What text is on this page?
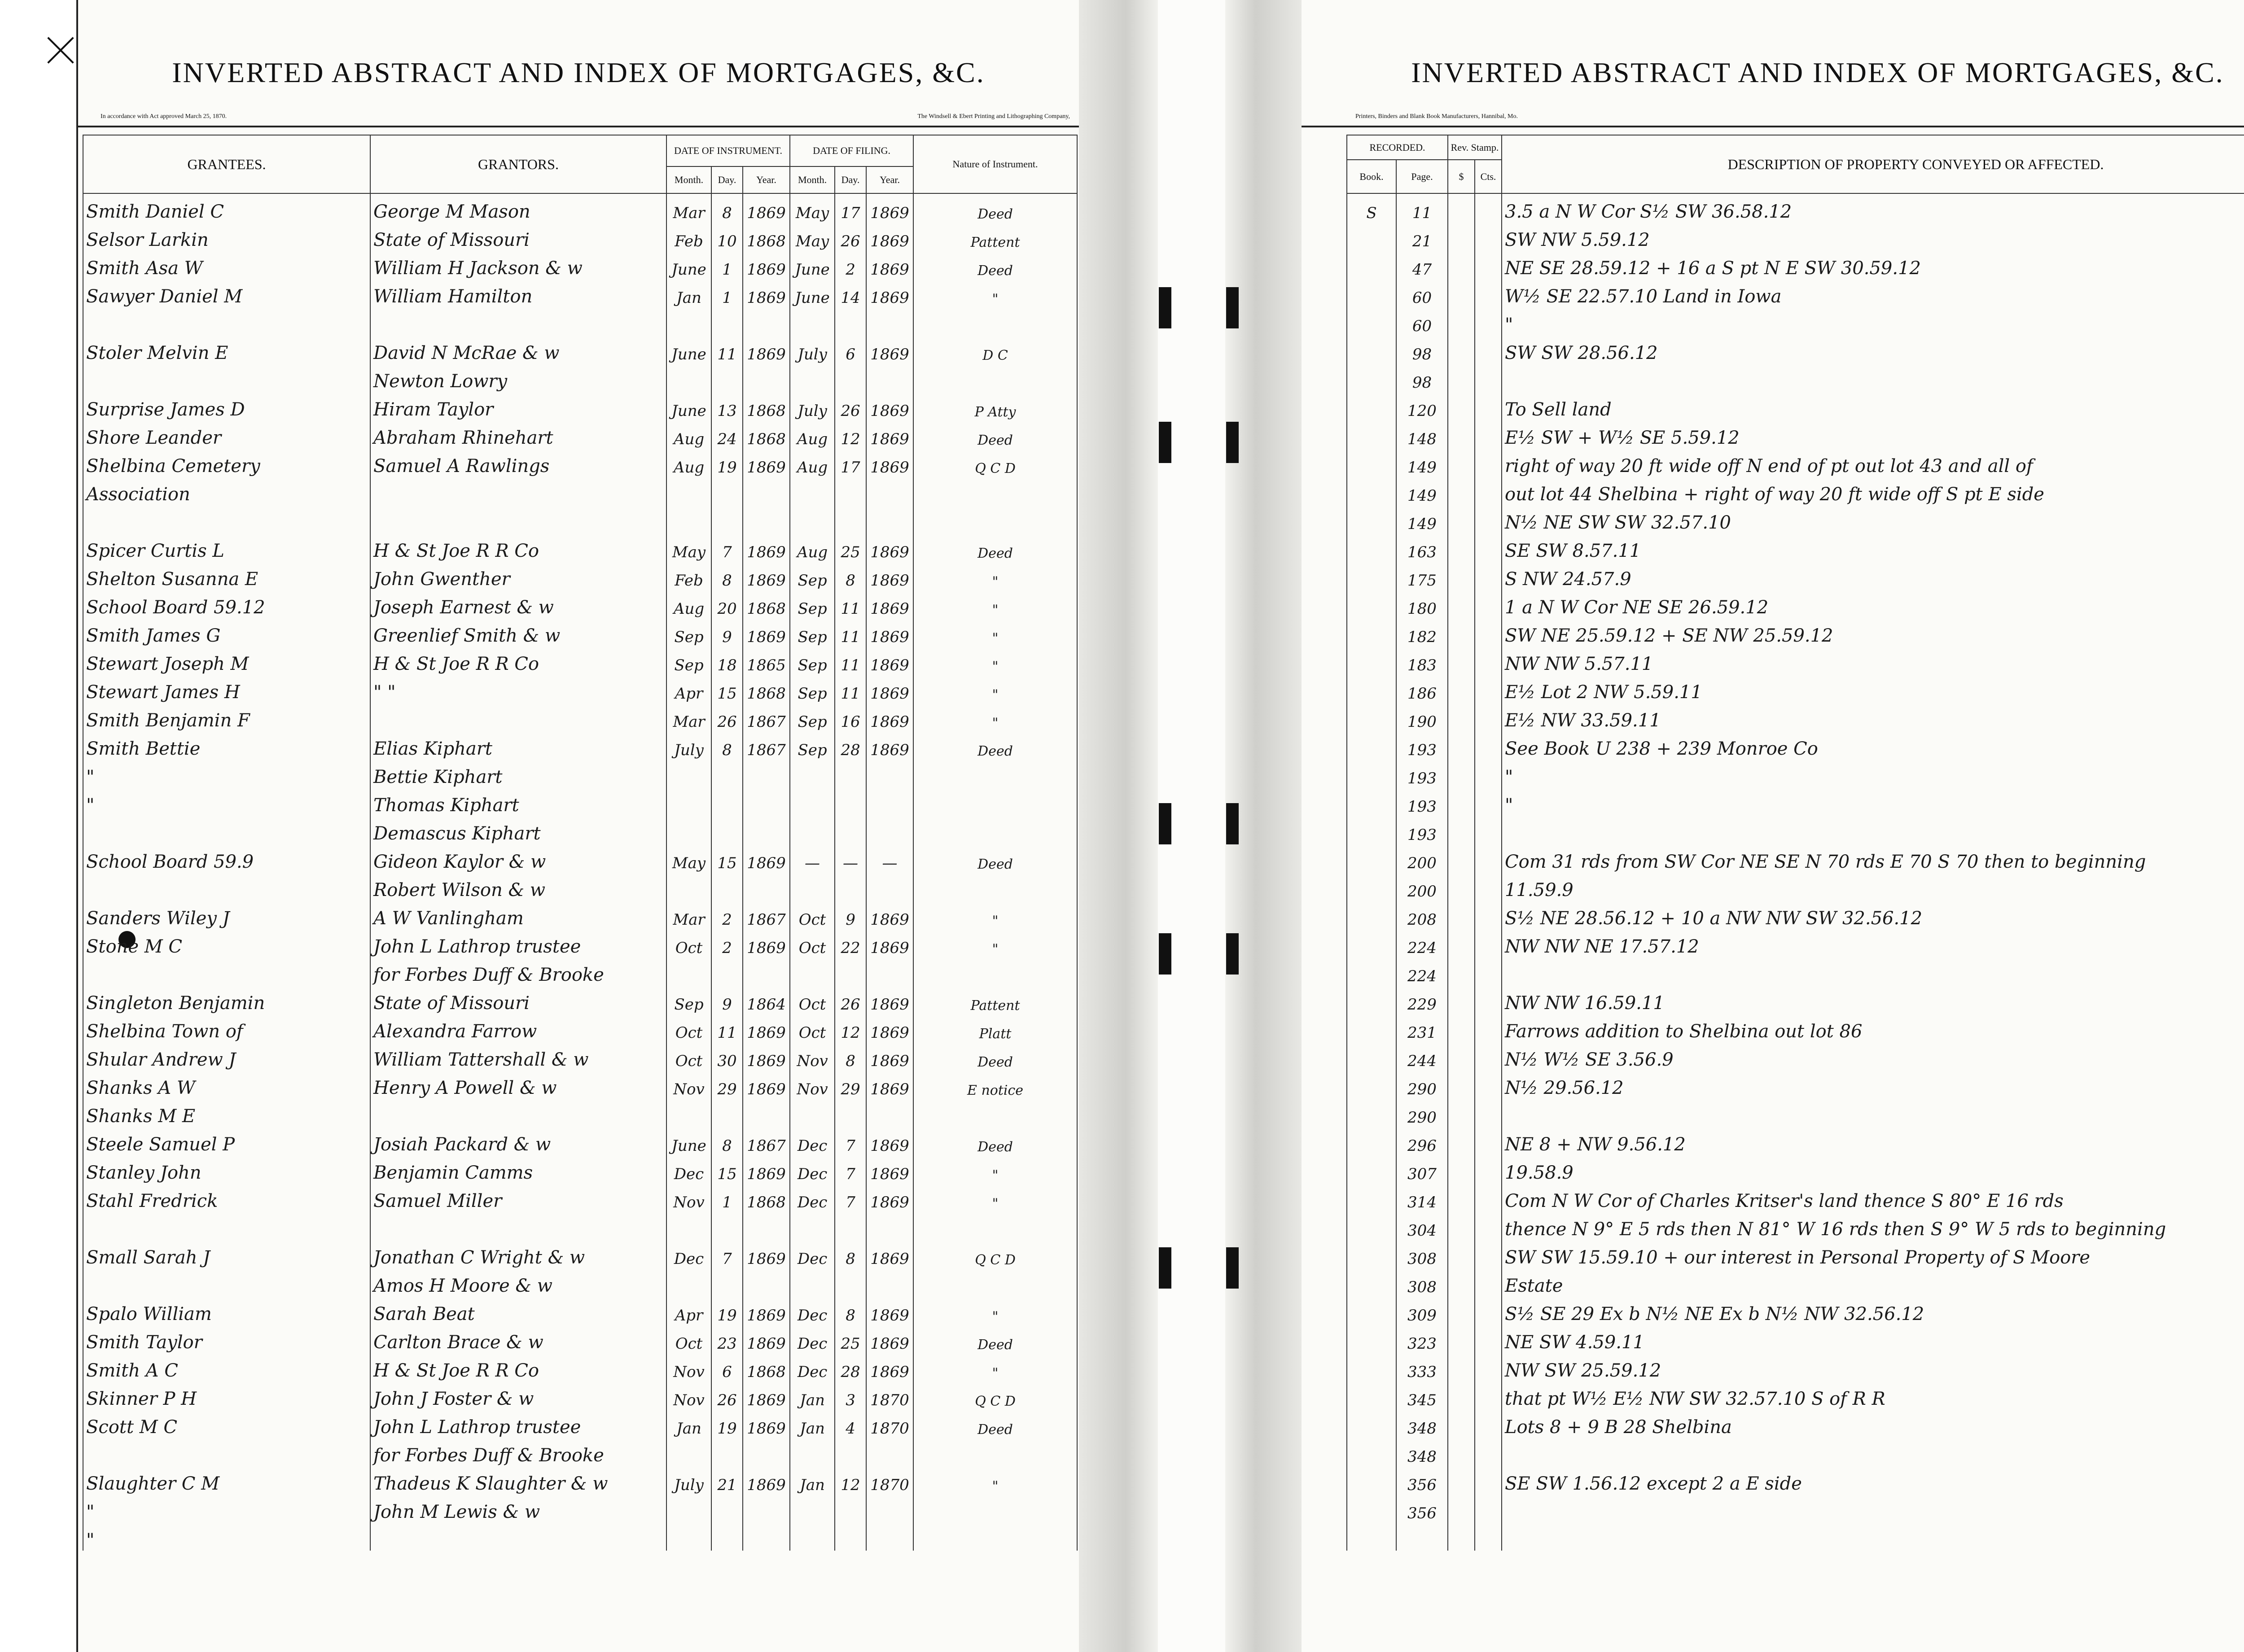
INVERTED ABSTRACT AND INDEX OF MORTGAGES, &C.
In accordance with Act approved March 25, 1870.	The Windsell & Ebert Printing and Lithographing Company,
GRANTEES.	GRANTORS.	DATE OF INSTRUMENT.			DATE OF FILING.			Nature of Instrument.
		Month.	Day.	Year.	Month.	Day.	Year.	
Smith Daniel C	George M Mason	Mar	8	1869	May	17	1869	Deed
Selsor Larkin	State of Missouri	Feb	10	1868	May	26	1869	Pattent
Smith Asa W	William H Jackson & w	June	1	1869	June	2	1869	Deed
Sawyer Daniel M	William Hamilton	Jan	1	1869	June	14	1869	"

Stoler Melvin E	David N McRae & w	June	11	1869	July	6	1869	D C
	Newton Lowry							
Surprise James D	Hiram Taylor	June	13	1868	July	26	1869	P Atty
Shore Leander	Abraham Rhinehart	Aug	24	1868	Aug	12	1869	Deed
Shelbina Cemetery	Samuel A Rawlings	Aug	19	1869	Aug	17	1869	Q C D
Association								

Spicer Curtis L	H & St Joe R R Co	May	7	1869	Aug	25	1869	Deed
Shelton Susanna E	John Gwenther	Feb	8	1869	Sep	8	1869	"
School Board 59.12	Joseph Earnest & w	Aug	20	1868	Sep	11	1869	"
Smith James G	Greenlief Smith & w	Sep	9	1869	Sep	11	1869	"
Stewart Joseph M	H & St Joe R R Co	Sep	18	1865	Sep	11	1869	"
Stewart James H	" "	Apr	15	1868	Sep	11	1869	"
Smith Benjamin F		Mar	26	1867	Sep	16	1869	"
Smith Bettie	Elias Kiphart	July	8	1867	Sep	28	1869	Deed
"	Bettie Kiphart							
"	Thomas Kiphart							
	Demascus Kiphart							
School Board 59.9	Gideon Kaylor & w	May	15	1869	—	—	—	Deed
	Robert Wilson & w							
Sanders Wiley J	A W Vanlingham	Mar	2	1867	Oct	9	1869	"
Stone M C	John L Lathrop trustee	Oct	2	1869	Oct	22	1869	"
	for Forbes Duff & Brooke							
Singleton Benjamin	State of Missouri	Sep	9	1864	Oct	26	1869	Pattent
Shelbina Town of	Alexandra Farrow	Oct	11	1869	Oct	12	1869	Platt
Shular Andrew J	William Tattershall & w	Oct	30	1869	Nov	8	1869	Deed
Shanks A W	Henry A Powell & w	Nov	29	1869	Nov	29	1869	E notice
Shanks M E								
Steele Samuel P	Josiah Packard & w	June	8	1867	Dec	7	1869	Deed
Stanley John	Benjamin Camms	Dec	15	1869	Dec	7	1869	"
Stahl Fredrick	Samuel Miller	Nov	1	1868	Dec	7	1869	"

Small Sarah J	Jonathan C Wright & w	Dec	7	1869	Dec	8	1869	Q C D
	Amos H Moore & w							
Spalo William	Sarah Beat	Apr	19	1869	Dec	8	1869	"
Smith Taylor	Carlton Brace & w	Oct	23	1869	Dec	25	1869	Deed
Smith A C	H & St Joe R R Co	Nov	6	1868	Dec	28	1869	"
Skinner P H	John J Foster & w	Nov	26	1869	Jan	3	1870	Q C D
Scott M C	John L Lathrop trustee	Jan	19	1869	Jan	4	1870	Deed
	for Forbes Duff & Brooke							
Slaughter C M	Thadeus K Slaughter & w	July	21	1869	Jan	12	1870	"
"	John M Lewis & w							
"								
INVERTED ABSTRACT AND INDEX OF MORTGAGES, &C.
Printers, Binders and Blank Book Manufacturers, Hannibal, Mo.
RECORDED.		Rev. Stamp.		DESCRIPTION OF PROPERTY CONVEYED OR AFFECTED.
Book.	Page.	$	Cts.	
S	11			3.5 a N W Cor S½ SW 36.58.12
	21			SW NW 5.59.12
	47			NE SE 28.59.12 + 16 a S pt N E SW 30.59.12
	60			W½ SE 22.57.10 Land in Iowa
	60			"
	98			SW SW 28.56.12
	98			
	120			To Sell land
	148			E½ SW + W½ SE 5.59.12
	149			right of way 20 ft wide off N end of pt out lot 43 and all of
	149			out lot 44 Shelbina + right of way 20 ft wide off S pt E side
	149			N½ NE SW SW 32.57.10
	163			SE SW 8.57.11
	175			S NW 24.57.9
	180			1 a N W Cor NE SE 26.59.12
	182			SW NE 25.59.12 + SE NW 25.59.12
	183			NW NW 5.57.11
	186			E½ Lot 2 NW 5.59.11
	190			E½ NW 33.59.11
	193			See Book U 238 + 239 Monroe Co
	193			"
	193			"
	193			
	200			Com 31 rds from SW Cor NE SE N 70 rds E 70 S 70 then to beginning
	200			11.59.9
	208			S½ NE 28.56.12 + 10 a NW NW SW 32.56.12
	224			NW NW NE 17.57.12
	224			
	229			NW NW 16.59.11
	231			Farrows addition to Shelbina out lot 86
	244			N½ W½ SE 3.56.9
	290			N½ 29.56.12
	290			
	296			NE 8 + NW 9.56.12
	307			19.58.9
	314			Com N W Cor of Charles Kritser's land thence S 80° E 16 rds
	304			thence N 9° E 5 rds then N 81° W 16 rds then S 9° W 5 rds to beginning
	308			SW SW 15.59.10 + our interest in Personal Property of S Moore
	308			Estate
	309			S½ SE 29 Ex b N½ NE Ex b N½ NW 32.56.12
	323			NE SW 4.59.11
	333			NW SW 25.59.12
	345			that pt W½ E½ NW SW 32.57.10 S of R R
	348			Lots 8 + 9 B 28 Shelbina
	348			
	356			SE SW 1.56.12 except 2 a E side
	356			
